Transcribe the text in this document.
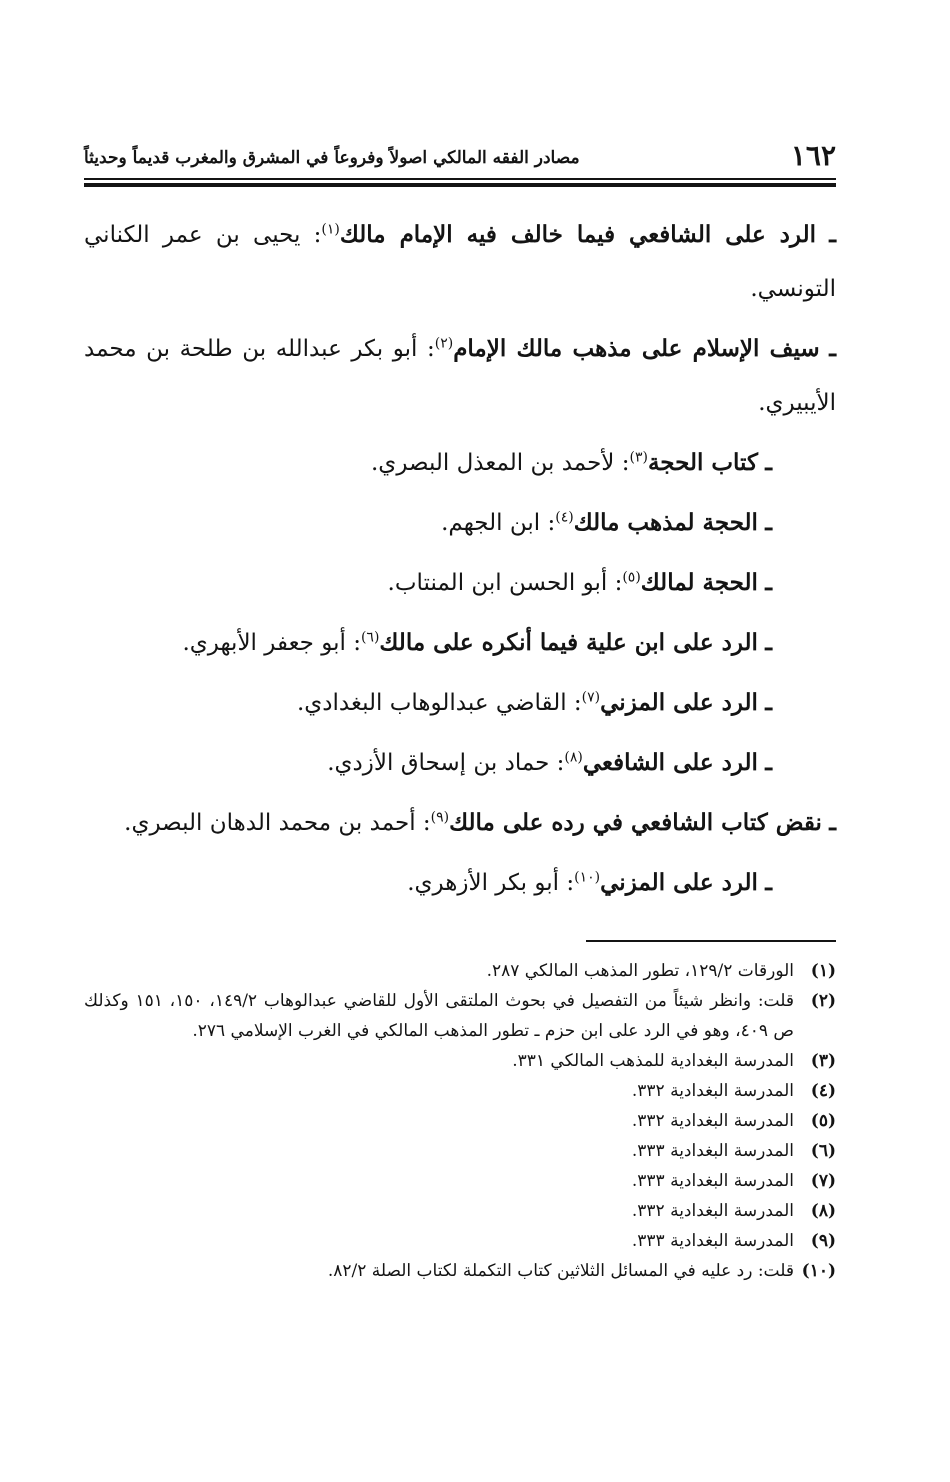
١٦٢
مصادر الفقه المالكي اصولاً وفروعاً في المشرق والمغرب قديماً وحديثاً

ـ الرد على الشافعي فيما خالف فيه الإمام مالك$^{(١)}$: يحيى بن عمر الكناني التونسي.

ـ سيف الإسلام على مذهب مالك الإمام$^{(٢)}$: أبو بكر عبدالله بن طلحة بن محمد الأيبيري.

ـ كتاب الحجة$^{(٣)}$: لأحمد بن المعذل البصري.

ـ الحجة لمذهب مالك$^{(٤)}$: ابن الجهم.

ـ الحجة لمالك$^{(٥)}$: أبو الحسن ابن المنتاب.

ـ الرد على ابن علية فيما أنكره على مالك$^{(٦)}$: أبو جعفر الأبهري.

ـ الرد على المزني$^{(٧)}$: القاضي عبدالوهاب البغدادي.

ـ الرد على الشافعي$^{(٨)}$: حماد بن إسحاق الأزدي.

ـ نقض كتاب الشافعي في رده على مالك$^{(٩)}$: أحمد بن محمد الدهان البصري.

ـ الرد على المزني$^{(١٠)}$: أبو بكر الأزهري.

(١)
الورقات ١٢٩/٢، تطور المذهب المالكي ٢٨٧.
(٢)
قلت: وانظر شيئاً من التفصيل في بحوث الملتقى الأول للقاضي عبدالوهاب ١٤٩/٢، ١٥٠، ١٥١ وكذلك ص ٤٠٩، وهو في الرد على ابن حزم ـ تطور المذهب المالكي في الغرب الإسلامي ٢٧٦.
(٣)
المدرسة البغدادية للمذهب المالكي ٣٣١.
(٤)
المدرسة البغدادية ٣٣٢.
(٥)
المدرسة البغدادية ٣٣٢.
(٦)
المدرسة البغدادية ٣٣٣.
(٧)
المدرسة البغدادية ٣٣٣.
(٨)
المدرسة البغدادية ٣٣٢.
(٩)
المدرسة البغدادية ٣٣٣.
(١٠)
قلت: رد عليه في المسائل الثلاثين كتاب التكملة لكتاب الصلة ٨٢/٢.
